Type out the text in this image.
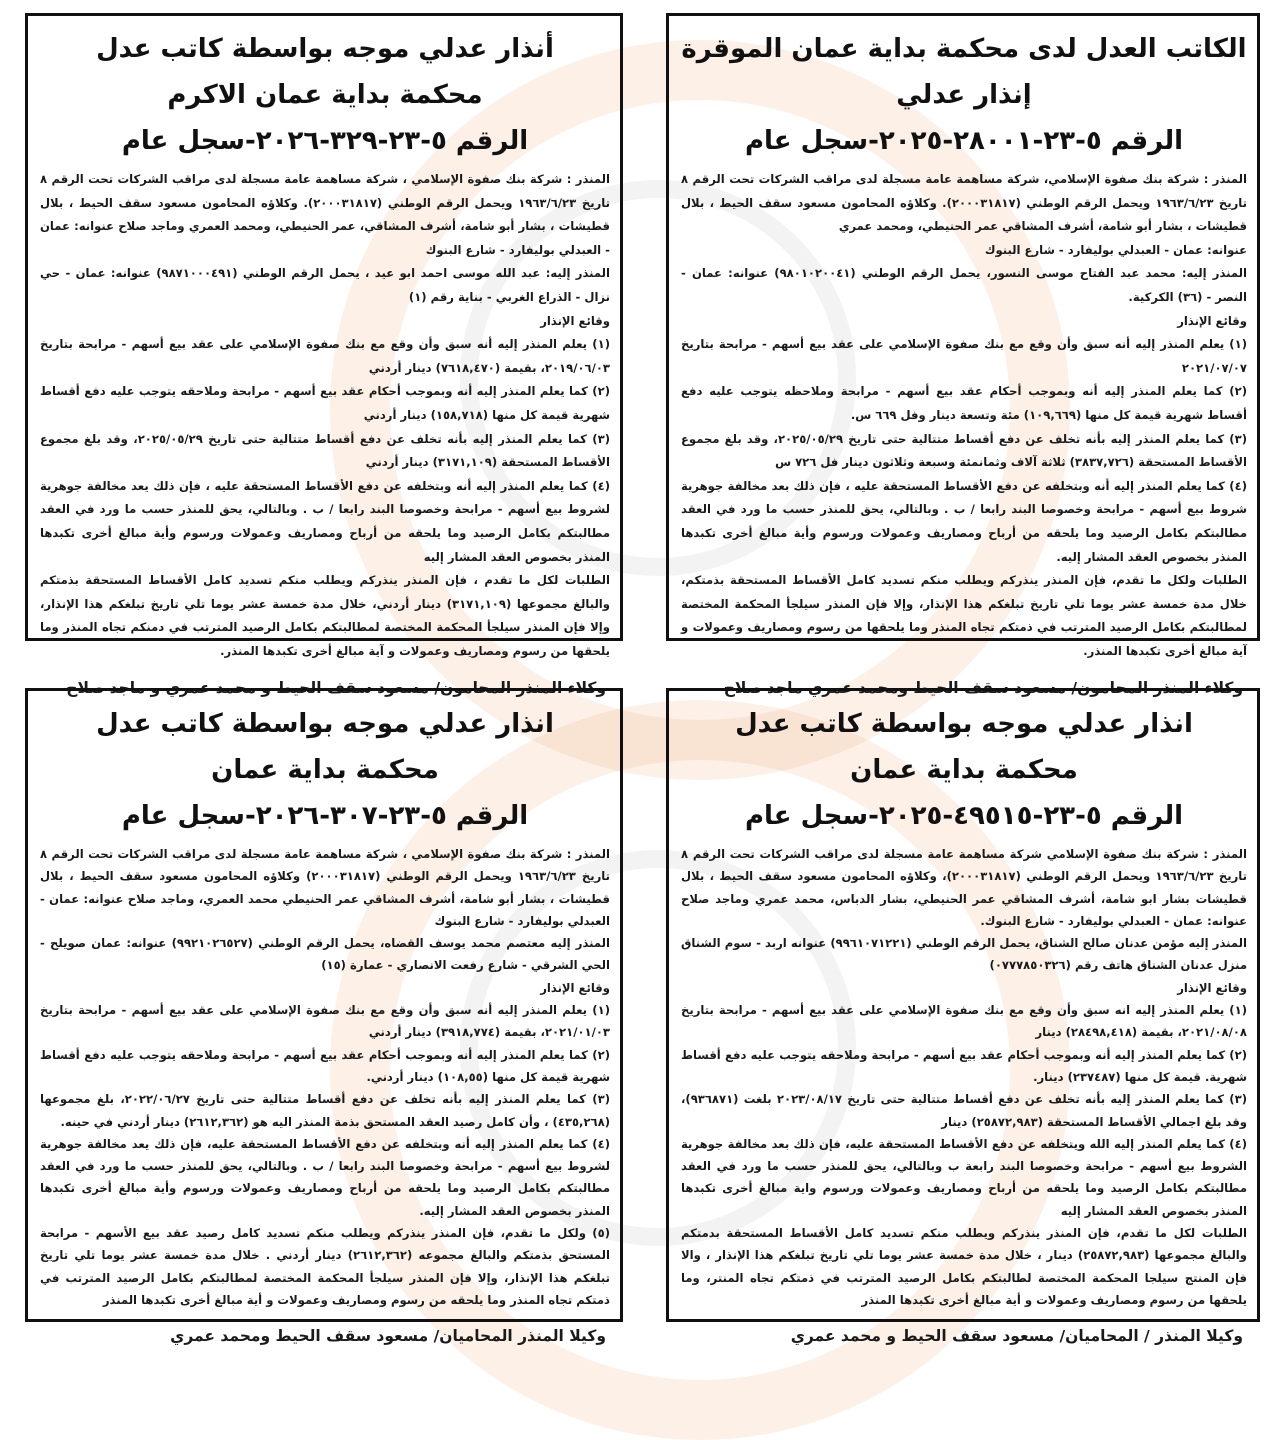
الكاتب العدل لدى محكمة بداية عمان الموقرة
إنذار عدلي
الرقم ٥-٢٣-٢٨٠٠١-٢٠٢٥-سجل عام

المنذر : شركة بنك صفوة الإسلامي، شركة مساهمة عامة مسجلة لدى مراقب الشركات تحت الرقم ٨ تاريخ ١٩٦٣/٦/٢٣ ويحمل الرقم الوطني (٢٠٠٠٣١٨١٧). وكلاؤه المحامون مسعود سقف الحيط ، بلال قطيشات ، بشار أبو شامة، أشرف المشاقي عمر الحنيطي، ومحمد عمري

عنوانه: عمان - العبدلي بوليفارد - شارع البنوك

المنذر إليه: محمد عبد الفتاح موسى النسور، يحمل الرقم الوطني (٩٨٠١٠٢٠٠٤١) عنوانه: عمان - النصر - (٣٦) الكركية.

وقائع الإنذار

(١) يعلم المنذر إليه أنه سبق وأن وقع مع بنك صفوة الإسلامي على عقد بيع أسهم - مرابحة بتاريخ ٢٠٢١/٠٧/٠٧

(٢) كما يعلم المنذر إليه أنه وبموجب أحكام عقد بيع أسهم - مرابحة وملاحظه يتوجب عليه دفع أقساط شهرية قيمة كل منها (١٠٩,٦٦٩) مئة وتسعة دينار وفل ٦٦٩ س.

(٣) كما يعلم المنذر إليه بأنه تخلف عن دفع أقساط متتالية حتى تاريخ ٢٠٢٥/٠٥/٢٩، وقد بلغ مجموع الأقساط المستحقة (٣٨٣٧,٧٢٦) ثلاثة آلاف وثمانمئة وسبعة وثلاثون دينار فل ٧٢٦ س

(٤) كما يعلم المنذر إليه أنه وبتخلفه عن دفع الأقساط المستحقة عليه ، فإن ذلك بعد مخالفة جوهرية شروط بيع أسهم - مرابحة وخصوصا البند رابعا / ب . وبالتالي، يحق للمنذر حسب ما ورد في العقد مطالبتكم بكامل الرصيد وما يلحقه من أرباح ومصاريف وعمولات ورسوم وأية مبالغ أخرى تكبدها المنذر بخصوص العقد المشار إليه.

الطلبات ولكل ما تقدم، فإن المنذر ينذركم ويطلب منكم تسديد كامل الأقساط المستحقة بذمتكم، خلال مدة خمسة عشر يوما تلي تاريخ تبلغكم هذا الإنذار، وإلا فإن المنذر سيلجأ المحكمة المختصة لمطالبتكم بكامل الرصيد المترتب في ذمتكم تجاه المنذر وما يلحقها من رسوم ومصاريف وعمولات و آية مبالغ أخرى تكبدها المنذر.

وكلاء المنذر المحامون/ مسعود سقف الحيط ومحمد عمري ماجد صلاح
أنذار عدلي موجه بواسطة كاتب عدل
محكمة بداية عمان الاكرم
الرقم ٥-٢٣-٣٢٩-٢٠٢٦-سجل عام

المنذر : شركة بنك صفوة الإسلامي ، شركة مساهمة عامة مسجلة لدى مراقب الشركات تحت الرقم ٨ تاريخ ١٩٦٣/٦/٢٣ ويحمل الرقم الوطني (٢٠٠٠٣١٨١٧). وكلاؤه المحامون مسعود سقف الحيط ، بلال قطيشات ، بشار أبو شامة، أشرف المشاقي، عمر الحنيطي، ومحمد العمري وماجد صلاح عنوانه: عمان - العبدلي بوليفارد - شارع البنوك

المنذر إليه: عبد الله موسى احمد ابو عيد ، يحمل الرقم الوطني (٩٨٧١٠٠٠٤٩١) عنوانه: عمان - حي نزال - الذراع الغربي - بناية رقم (١)

وقائع الإنذار

(١) يعلم المنذر إليه أنه سبق وأن وقع مع بنك صفوة الإسلامي على عقد بيع أسهم - مرابحة بتاريخ ٢٠١٩/٠٦/٠٣، بقيمة (٧٦١٨,٤٧٠) دينار أردني

(٢) كما يعلم المنذر إليه أنه وبموجب أحكام عقد بيع أسهم - مرابحة وملاحقه يتوجب عليه دفع أقساط شهرية قيمة كل منها (١٥٨,٧١٨) دينار أردني

(٣) كما يعلم المنذر إليه بأنه تخلف عن دفع أقساط متتالية حتى تاريخ ٢٠٢٥/٠٥/٢٩، وقد بلغ مجموع الأقساط المستحقة (٣١٧١,١٠٩) دينار أردني

(٤) كما يعلم المنذر إليه أنه وبتخلفه عن دفع الأقساط المستحقة عليه ، فإن ذلك يعد مخالفة جوهرية لشروط بيع أسهم - مرابحة وخصوصا البند رابعا / ب . وبالتالي، يحق للمنذر حسب ما ورد في العقد مطالبتكم بكامل الرصيد وما يلحقه من أرباح ومصاريف وعمولات ورسوم وأية مبالغ أخرى تكبدها المنذر بخصوص العقد المشار إليه

الطلبات لكل ما تقدم ، فإن المنذر ينذركم ويطلب منكم تسديد كامل الأقساط المستحقة بذمتكم والبالغ مجموعها (٣١٧١,١٠٩) دينار أردني، خلال مدة خمسة عشر يوما تلي تاريخ تبلغكم هذا الإنذار، وإلا فإن المنذر سيلجأ المحكمة المختصة لمطالبتكم بكامل الرصيد المترتب في دمنكم تجاه المنذر وما يلحقها من رسوم ومصاريف وعمولات و آية مبالغ أخرى تكبدها المنذر.

وكلاء المنذر المحامون/ مسعود سقف الحيط و محمد عمري و ماجد صلاح
انذار عدلي موجه بواسطة كاتب عدل
محكمة بداية عمان
الرقم ٥-٢٣-٤٩٥١٥-٢٠٢٥-سجل عام

المنذر : شركة بنك صفوة الإسلامي شركة مساهمة عامة مسجلة لدى مراقب الشركات تحت الرقم ٨ تاريخ ١٩٦٣/٦/٢٣ ويحمل الرقم الوطني (٢٠٠٠٣١٨١٧)، وكلاؤه المحامون مسعود سقف الحيط ، بلال قطيشات بشار ابو شامة، أشرف المشاقي عمر الحنيطي، بشار الدباس، محمد عمري وماجد صلاح عنوانه: عمان - العبدلي بوليفارد - شارع البنوك.

المنذر إليه مؤمن عدنان صالح الشناق، يحمل الرقم الوطني (٩٩٦١٠٧١٢٢١) عنوانه اربد - سوم الشناق منزل عدنان الشناق هاتف رقم (٠٧٧٧٨٥٠٣٢٦)

وقائع الإنذار

(١) يعلم المنذر إليه انه سبق وأن وقع مع بنك صفوة الإسلامي على عقد بيع أسهم - مرابحة بتاريخ ٢٠٢١/٠٨/٠٨، بقيمة (٢٨٤٩٨,٤١٨) دينار

(٢) كما يعلم المنذر إليه أنه وبموجب أحكام عقد بيع أسهم - مرابحة وملاحقه يتوجب عليه دفع أقساط شهرية. قيمة كل منها (٢٣٧٤٨٧) دينار.

(٣) كما يعلم المنذر إليه بأنه تخلف عن دفع أقساط متتالية حتى تاريخ ٢٠٢٣/٠٨/١٧ بلغت (٩٣٦٨٧١)، وقد بلغ اجمالي الأقساط المستحقة (٢٥٨٧٢,٩٨٣) دينار

(٤) كما يعلم المنذر إليه الله ويتخلفه عن دفع الأقساط المستحقة عليه، فإن ذلك بعد مخالفة جوهرية الشروط بيع أسهم - مرابحة وخصوصا البند رابعة ب وبالتالي، يحق للمنذر حسب ما ورد في العقد مطالبتكم بكامل الرصيد وما يلحقه من أرباح ومصاريف وعمولات ورسوم واية مبالغ أخرى تكبدها المنذر بخصوص العقد المشار إليه

الطلبات لكل ما تقدم، فإن المنذر ينذركم ويطلب منكم تسديد كامل الأقساط المستحقة بدمتكم والبالغ مجموعها (٢٥٨٧٢,٩٨٣) دينار ، خلال مدة خمسة عشر يوما تلي تاريخ تبلغكم هذا الإنذار ، والا فإن المنتج سيلجا المحكمة المختصة لطالبتكم بكامل الرصيد المترتب في ذمتكم تجاه المنتر، وما يلحقها من رسوم ومصاريف وعمولات و أية مبالغ أخرى تكبدها المنذر

وكيلا المنذر / المحاميان/ مسعود سقف الحيط و محمد عمري
انذار عدلي موجه بواسطة كاتب عدل
محكمة بداية عمان
الرقم ٥-٢٣-٣٠٧-٢٠٢٦-سجل عام

المنذر : شركة بنك صفوة الإسلامي ، شركة مساهمة عامة مسجلة لدى مراقب الشركات تحت الرقم ٨ تاريخ ١٩٦٣/٦/٢٣ ويحمل الرقم الوطني (٢٠٠٠٣١٨١٧) وكلاؤه المحامون مسعود سقف الحيط ، بلال قطيشات ، بشار أبو شامة، أشرف المشاقي عمر الحنيطي محمد العمري، وماجد صلاح عنوانه: عمان - العبدلي بوليفارد - شارع البنوك

المنذر إليه معتصم محمد يوسف القضاه، يحمل الرقم الوطني (٩٩٢١٠٢٦٥٢٧) عنوانه: عمان صويلح - الحي الشرقي - شارع رفعت الانصاري - عمارة (١٥)

وقائع الإنذار

(١) يعلم المنذر إليه أنه سبق وأن وقع مع بنك صفوة الإسلامي على عقد بيع أسهم - مرابحة بتاريخ ٢٠٢١/٠١/٠٣، بقيمة (٣٩١٨,٧٧٤) دينار أردني

(٢) كما يعلم المنذر إليه أنه وبموجب أحكام عقد بيع أسهم - مرابحة وملاحقه يتوجب عليه دفع أقساط شهرية قيمة كل منها (١٠٨,٥٥) دينار أردني.

(٣) كما يعلم المنذر إليه بأنه تخلف عن دفع أقساط متتالية حتى تاريخ ٢٠٢٢/٠٦/٢٧، بلغ مجموعها (٤٣٥,٢٦٨) ، وأن كامل رصيد العقد المستحق بذمة المنذر اليه هو (٢٦١٢,٣٦٢) دينار أردني في حينه.

(٤) كما يعلم المنذر إليه أنه وبتخلفه عن دفع الأقساط المستحقة عليه، فإن ذلك يعد مخالفة جوهرية لشروط بيع أسهم - مرابحة وخصوصا البند رابعا / ب . وبالتالي، يحق للمنذر حسب ما ورد في العقد مطالبتكم بكامل الرصيد وما يلحقه من أرباح ومصاريف وعمولات ورسوم وأية مبالغ أخرى تكبدها المنذر بخصوص العقد المشار إليه.

(٥) ولكل ما تقدم، فإن المنذر ينذركم ويطلب منكم تسديد كامل رصيد عقد بيع الأسهم - مرابحة المستحق بذمتكم والبالغ مجموعه (٢٦١٢,٣٦٢) دينار أردني . خلال مدة خمسة عشر يوما تلي تاريخ تبلغكم هذا الإنذار، وإلا فإن المنذر سيلجأ المحكمة المختصة لمطالبتكم بكامل الرصيد المترتب في ذمتكم تجاه المنذر وما يلحقه من رسوم ومصاريف وعمولات و أية مبالغ أخرى تكبدها المنذر

وكيلا المنذر المحاميان/ مسعود سقف الحيط ومحمد عمري
